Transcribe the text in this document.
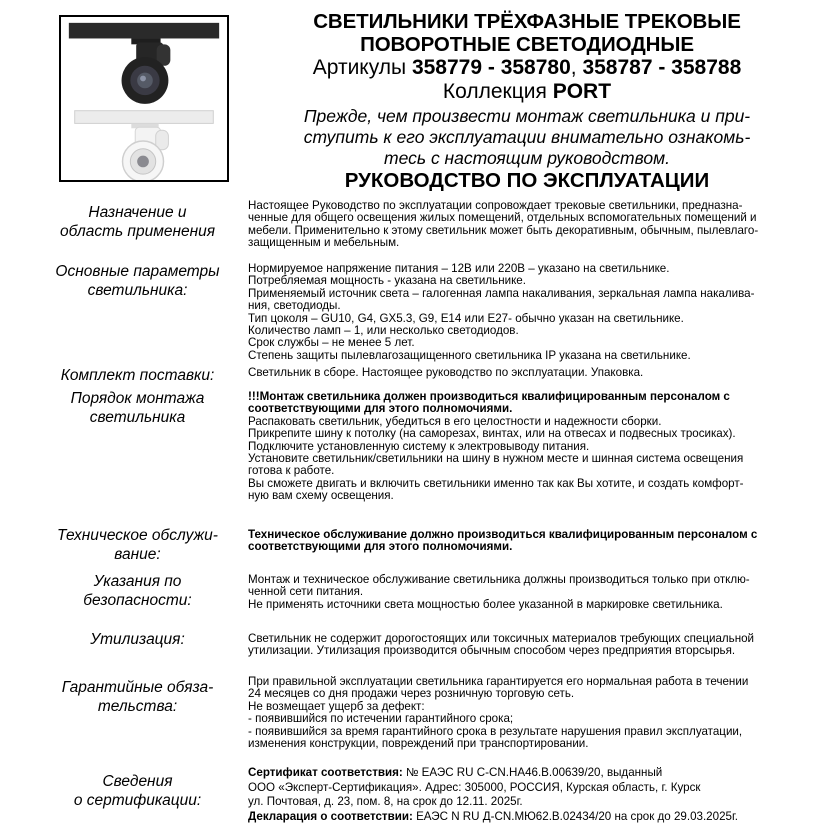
СВЕТИЛЬНИКИ ТРЁХФАЗНЫЕ ТРЕКОВЫЕ
ПОВОРОТНЫЕ СВЕТОДИОДНЫЕ
Артикулы 358779 - 358780, 358787 - 358788
Коллекция PORT
Прежде, чем произвести монтаж светильника и при-
ступить к его эксплуатации внимательно ознакомь-
тесь с настоящим руководством.
РУКОВОДСТВО ПО ЭКСПЛУАТАЦИИ
Назначение и
область применения

Настоящее Руководство по эксплуатации сопровождает трековые светильники, предназна-

ченные для общего освещения жилых помещений, отдельных вспомогательных помещений и

мебели. Применительно к этому светильник может быть декоративным, обычным, пылевлаго-

защищенным и мебельным.

Основные параметры
светильника:

Нормируемое напряжение питания – 12В или 220В – указано на светильнике.

Потребляемая мощность - указана на светильнике.

Применяемый источник света – галогенная лампа накаливания, зеркальная лампа накалива-

ния, светодиоды.

Тип цоколя – GU10, G4, GX5.3, G9, E14 или E27- обычно указан на светильнике.

Количество ламп – 1, или несколько светодиодов.

Срок службы – не менее 5 лет.

Степень защиты пылевлагозащищенного светильника IP указана на светильнике.

Комплект поставки:	Светильник в сборе. Настоящее руководство по эксплуатации. Упаковка.

Порядок монтажа
светильника

!!!Монтаж светильника должен производиться квалифицированным персоналом с

соответствующими для этого полномочиями.

Распаковать светильник, убедиться в его целостности и надежности сборки.

Прикрепите шину к потолку (на саморезах, винтах, или на отвесах и подвесных тросиках).

Подключите установленную систему к электровыводу питания.

Установите светильник/светильники на шину в нужном месте и шинная система освещения

готова к работе.

Вы сможете двигать и включить светильники именно так как Вы хотите, и создать комфорт-

ную вам схему освещения.

Техническое обслужи-
вание:

Техническое обслуживание должно производиться квалифицированным персоналом с

соответствующими для этого полномочиями.

Указания по
безопасности:

Монтаж и техническое обслуживание светильника должны производиться только при отклю-

ченной сети питания.

Не применять источники света мощностью более указанной в маркировке светильника.

Утилизация:	Светильник не содержит дорогостоящих или токсичных материалов требующих специальной

утилизации. Утилизация производится обычным способом через предприятия вторсырья.

Гарантийные обяза-
тельства:

При правильной эксплуатации светильника гарантируется его нормальная работа в течении

24 месяцев со дня продажи через розничную торговую сеть.

Не возмещает ущерб за дефект:

- появившийся по истечении гарантийного срока;

- появившийся за время гарантийного срока в результате нарушения правил эксплуатации,

изменения конструкции, повреждений при транспортировании.

Сведения
о сертификации:

Сертификат соответствия: № ЕАЭС RU С-CN.НА46.В.00639/20, выданный

ООО «Эксперт-Сертификация». Адрес: 305000, РОССИЯ, Курская область, г. Курск

ул. Почтовая, д. 23, пом. 8, на срок до 12.11. 2025г.

Декларация о соответствии: ЕАЭС N RU Д-CN.МЮ62.В.02434/20 на срок до 29.03.2025г.
